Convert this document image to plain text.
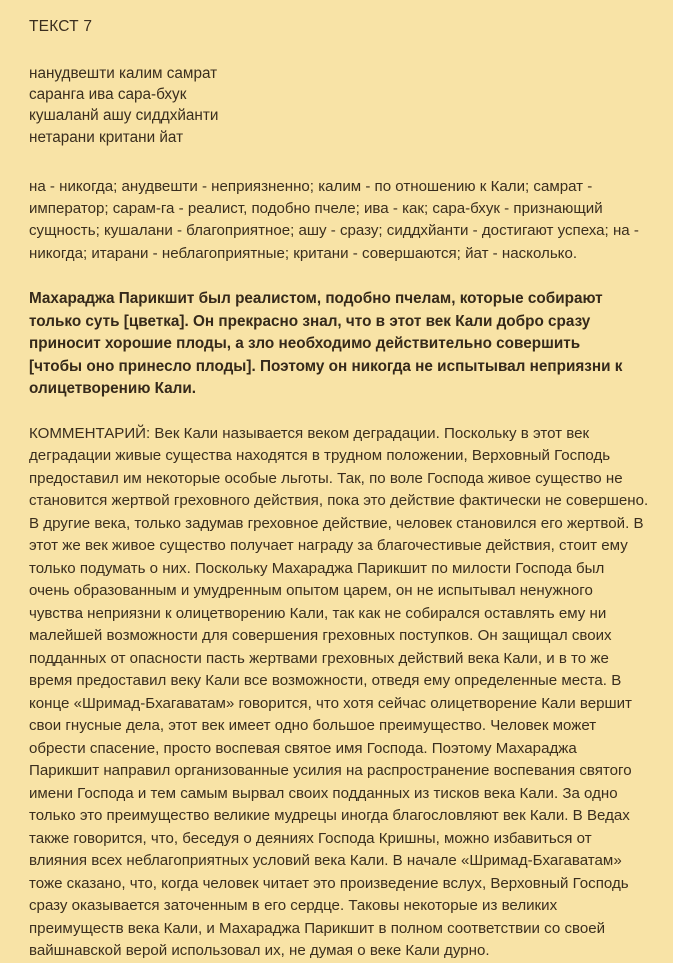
ТЕКСТ 7
нанудвешти калим самрат
саранга ива сара-бхук
кушаланй ашу сиддхйанти
нетарани критани йат
на - никогда; анудвешти - неприязненно; калим - по отношению к Кали; самрат - император; сарам-га - реалист, подобно пчеле; ива - как; сара-бхук - признающий сущность; кушалани - благоприятное; ашу - сразу; сиддхйанти - достигают успеха; на - никогда; итарани - неблагоприятные; критани - совершаются; йат - насколько.
Махараджа Парикшит был реалистом, подобно пчелам, которые собирают только суть [цветка]. Он прекрасно знал, что в этот век Кали добро сразу приносит хорошие плоды, а зло необходимо действительно совершить [чтобы оно принесло плоды]. Поэтому он никогда не испытывал неприязни к олицетворению Кали.
КОММЕНТАРИЙ: Век Кали называется веком деградации. Поскольку в этот век деградации живые существа находятся в трудном положении, Верховный Господь предоставил им некоторые особые льготы. Так, по воле Господа живое существо не становится жертвой греховного действия, пока это действие фактически не совершено. В другие века, только задумав греховное действие, человек становился его жертвой. В этот же век живое существо получает награду за благочестивые действия, стоит ему только подумать о них. Поскольку Махараджа Парикшит по милости Господа был очень образованным и умудренным опытом царем, он не испытывал ненужного чувства неприязни к олицетворению Кали, так как не собирался оставлять ему ни малейшей возможности для совершения греховных поступков. Он защищал своих подданных от опасности пасть жертвами греховных действий века Кали, и в то же время предоставил веку Кали все возможности, отведя ему определенные места. В конце «Шримад-Бхагаватам» говорится, что хотя сейчас олицетворение Кали вершит свои гнусные дела, этот век имеет одно большое преимущество. Человек может обрести спасение, просто воспевая святое имя Господа. Поэтому Махараджа Парикшит направил организованные усилия на распространение воспевания святого имени Господа и тем самым вырвал своих подданных из тисков века Кали. За одно только это преимущество великие мудрецы иногда благословляют век Кали. В Ведах также говорится, что, беседуя о деяниях Господа Кришны, можно избавиться от влияния всех неблагоприятных условий века Кали. В начале «Шримад-Бхагаватам» тоже сказано, что, когда человек читает это произведение вслух, Верховный Господь сразу оказывается заточенным в его сердце. Таковы некоторые из великих преимуществ века Кали, и Махараджа Парикшит в полном соответствии со своей вайшнавской верой использовал их, не думая о веке Кали дурно.
